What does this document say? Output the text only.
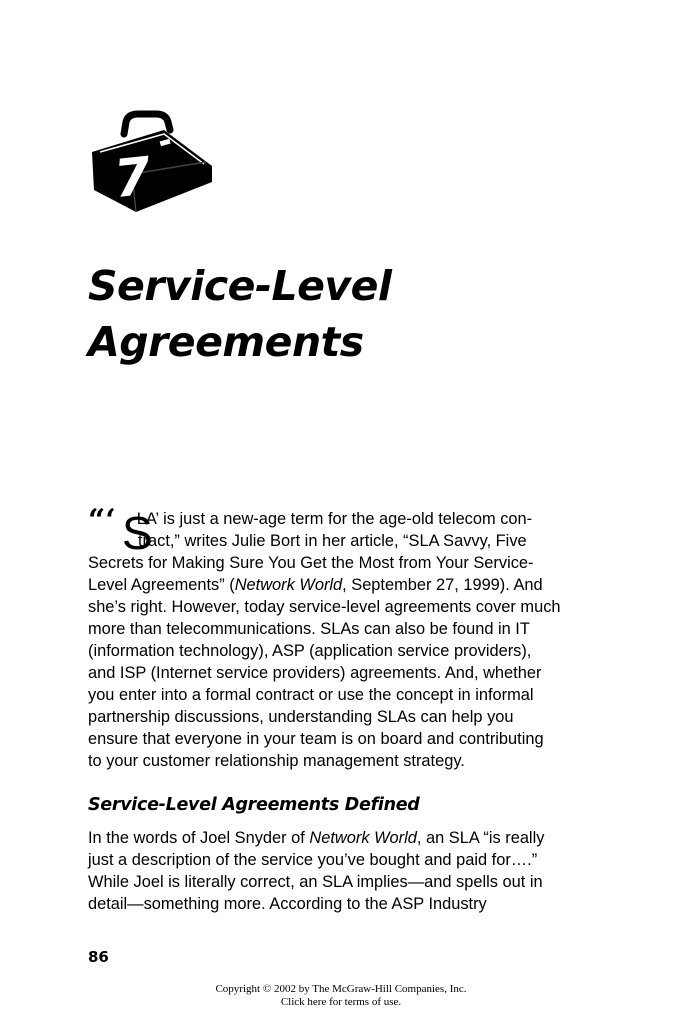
7
Service-Level
Agreements
S
“‘ LA’ is just a new-age term for the age-old telecom con-
tract,” writes Julie Bort in her article, “SLA Savvy, Five
Secrets for Making Sure You Get the Most from Your Service-
Level Agreements” (Network World, September 27, 1999). And
she’s right. However, today service-level agreements cover much
more than telecommunications. SLAs can also be found in IT
(information technology), ASP (application service providers),
and ISP (Internet service providers) agreements. And, whether
you enter into a formal contract or use the concept in informal
partnership discussions, understanding SLAs can help you
ensure that everyone in your team is on board and contributing
to your customer relationship management strategy.
Service-Level Agreements Defined
In the words of Joel Snyder of Network World, an SLA “is really
just a description of the service you’ve bought and paid for….”
While Joel is literally correct, an SLA implies—and spells out in
detail—something more. According to the ASP Industry

86

Copyright © 2002 by The McGraw-Hill Companies, Inc.
Click here for terms of use.
